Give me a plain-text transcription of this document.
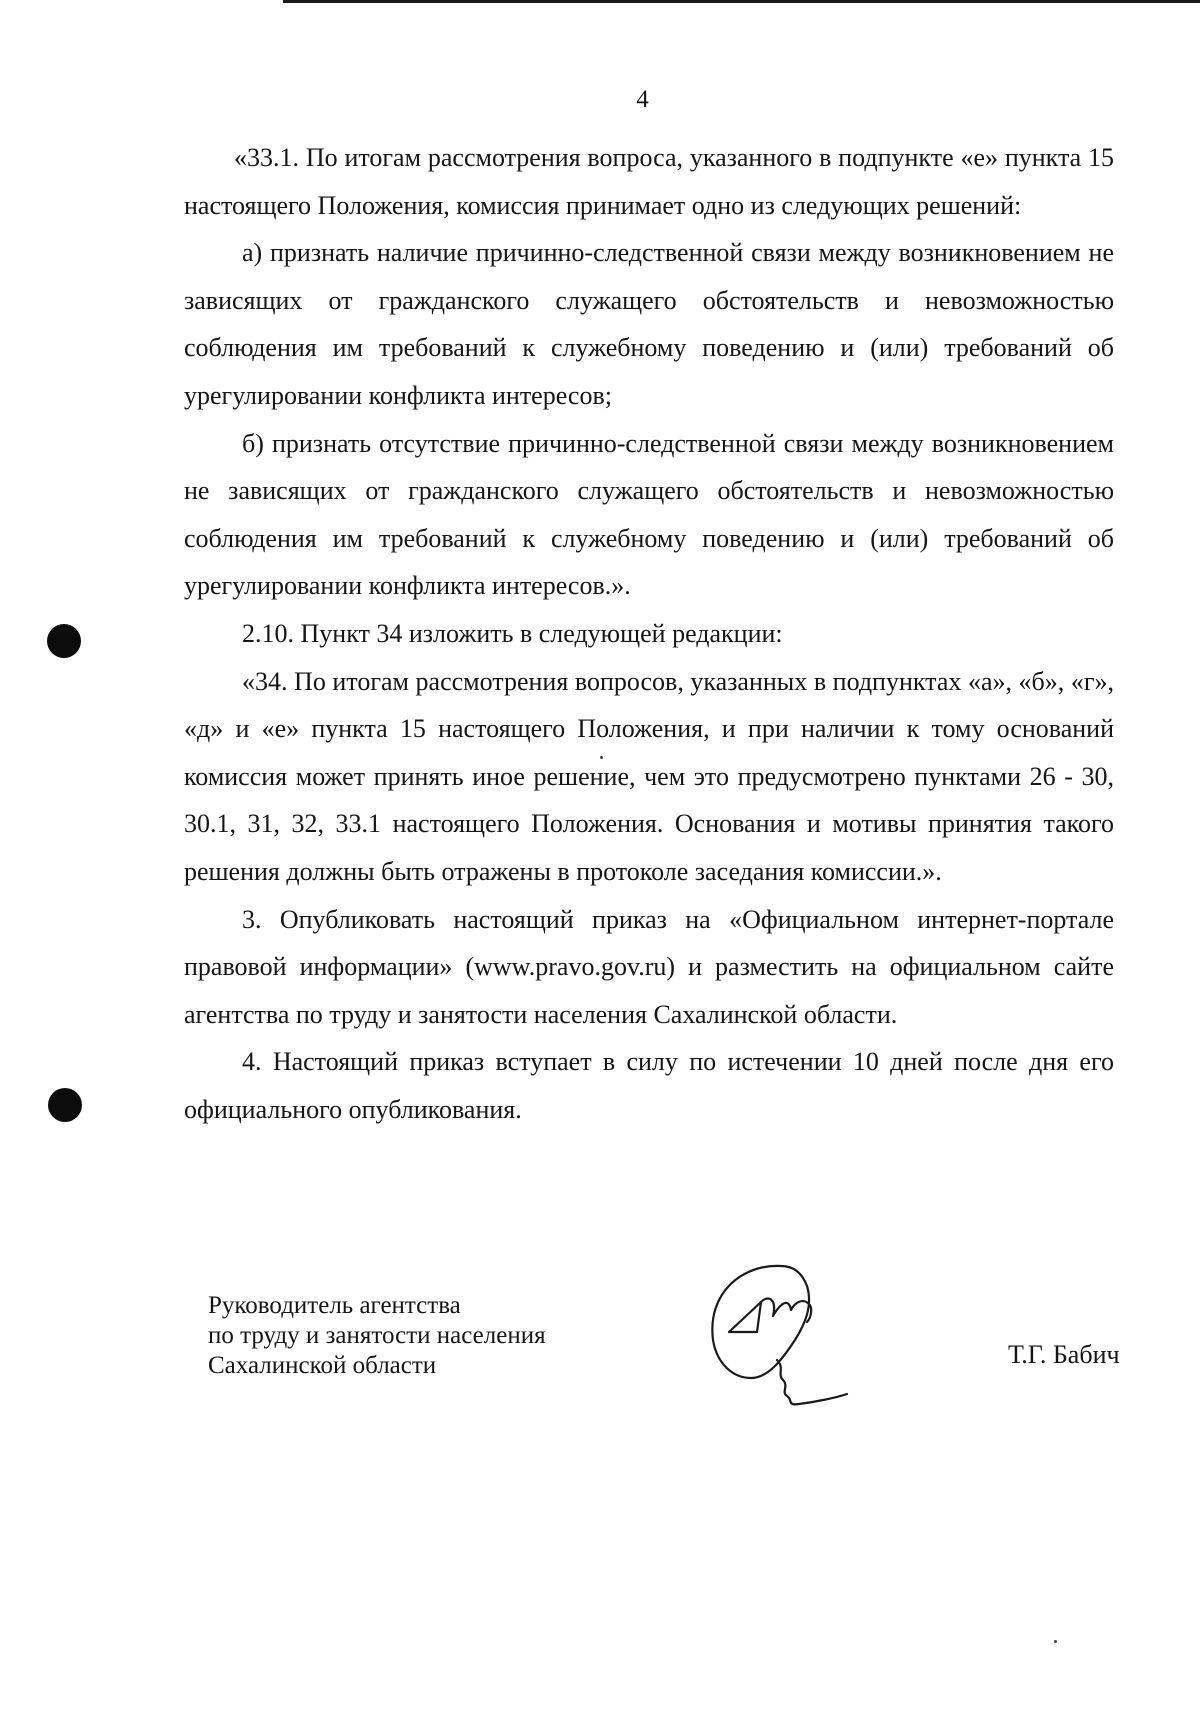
4

«33.1. По итогам рассмотрения вопроса, указанного в подпункте «е» пункта 15 настоящего Положения, комиссия принимает одно из следующих решений:

а) признать наличие причинно-следственной связи между возникновением не зависящих от гражданского служащего обстоятельств и невозможностью соблюдения им требований к служебному поведению и (или) требований об урегулировании конфликта интересов;

б) признать отсутствие причинно-следственной связи между возникновением не зависящих от гражданского служащего обстоятельств и невозможностью соблюдения им требований к служебному поведению и (или) требований об урегулировании конфликта интересов.».

2.10. Пункт 34 изложить в следующей редакции:

«34. По итогам рассмотрения вопросов, указанных в подпунктах «а», «б», «г», «д» и «е» пункта 15 настоящего Положения, и при наличии к тому оснований комиссия может принять иное решение, чем это предусмотрено пунктами 26 - 30, 30.1, 31, 32, 33.1 настоящего Положения. Основания и мотивы принятия такого решения должны быть отражены в протоколе заседания комиссии.».

3. Опубликовать настоящий приказ на «Официальном интернет-портале правовой информации» (www.pravo.gov.ru) и разместить на официальном сайте агентства по труду и занятости населения Сахалинской области.

4. Настоящий приказ вступает в силу по истечении 10 дней после дня его официального опубликования.

Руководитель агентства
по труду и занятости населения
Сахалинской области	Т.Г. Бабич
